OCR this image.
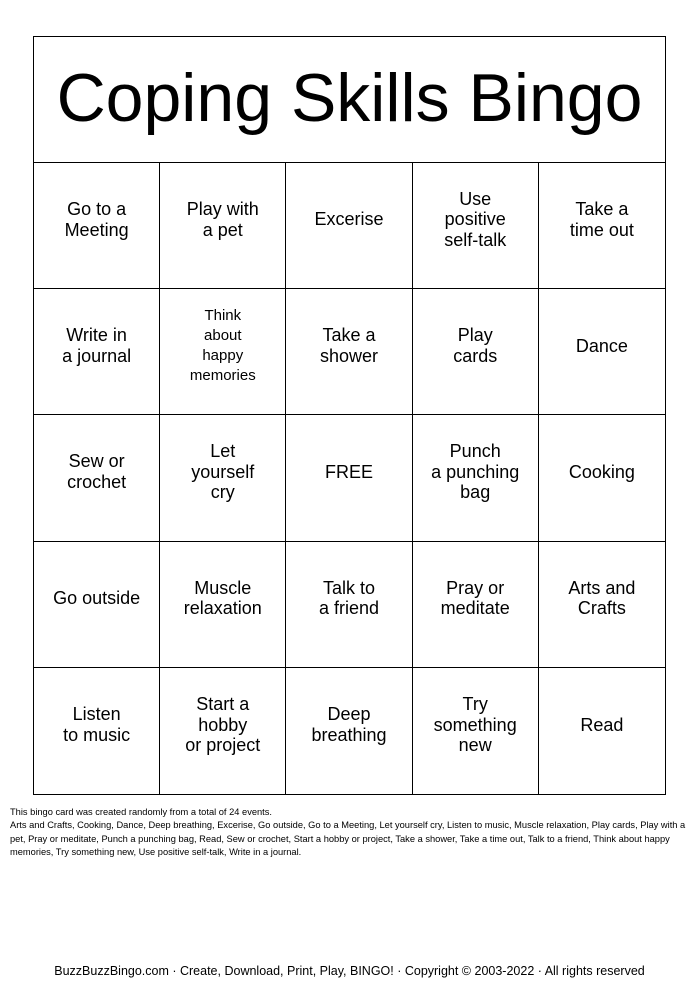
Coping Skills Bingo
Go to a
Meeting
Play with
a pet
Excerise
Use
positive
self-talk
Take a
time out
Write in
a journal
Think
about
happy
memories
Take a
shower
Play
cards
Dance
Sew or
crochet
Let
yourself
cry
FREE
Punch
a punching
bag
Cooking
Go outside
Muscle
relaxation
Talk to
a friend
Pray or
meditate
Arts and
Crafts
Listen
to music
Start a
hobby
or project
Deep
breathing
Try
something
new
Read

This bingo card was created randomly from a total of 24 events.

Arts and Crafts, Cooking, Dance, Deep breathing, Excerise, Go outside, Go to a Meeting, Let yourself cry, Listen to music, Muscle relaxation, Play cards, Play with a pet, Pray or meditate, Punch a punching bag, Read, Sew or crochet, Start a hobby or project, Take a shower, Take a time out, Talk to a friend, Think about happy memories, Try something new, Use positive self-talk, Write in a journal.

BuzzBuzzBingo.com · Create, Download, Print, Play, BINGO! · Copyright © 2003-2022 · All rights reserved
